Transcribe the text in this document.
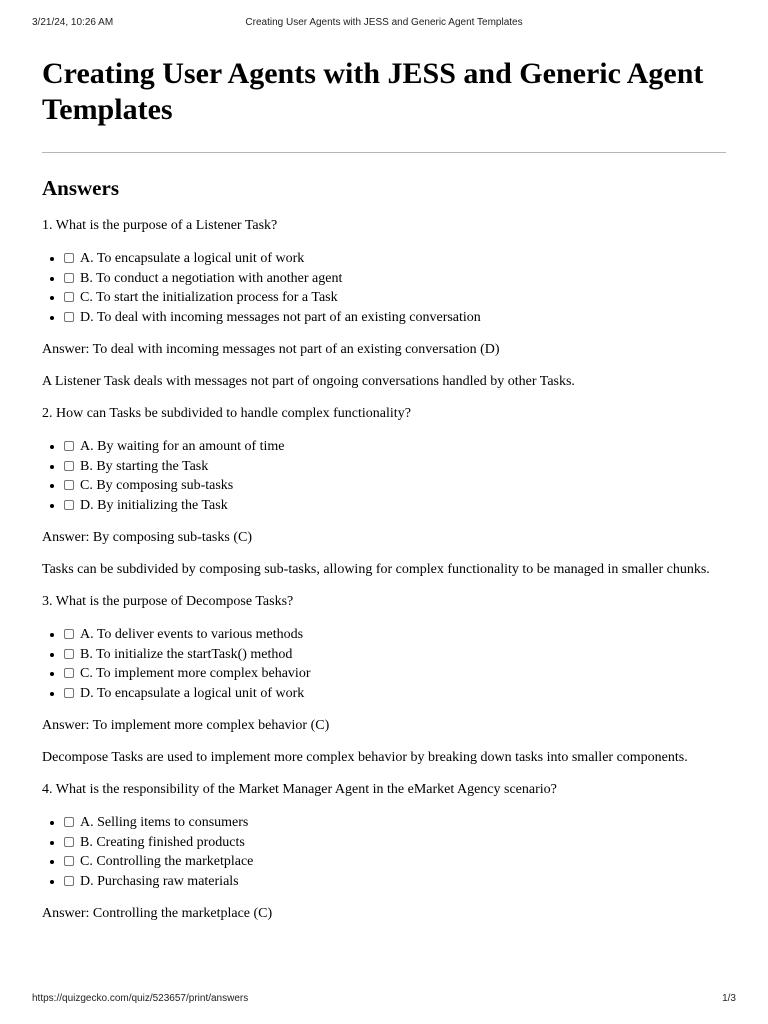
3/21/24, 10:26 AM	Creating User Agents with JESS and Generic Agent Templates
Creating User Agents with JESS and Generic Agent Templates
Answers

1. What is the purpose of a Listener Task?

• A. To encapsulate a logical unit of work
• B. To conduct a negotiation with another agent
• C. To start the initialization process for a Task
• D. To deal with incoming messages not part of an existing conversation

Answer: To deal with incoming messages not part of an existing conversation (D)

A Listener Task deals with messages not part of ongoing conversations handled by other Tasks.

2. How can Tasks be subdivided to handle complex functionality?

• A. By waiting for an amount of time
• B. By starting the Task
• C. By composing sub-tasks
• D. By initializing the Task

Answer: By composing sub-tasks (C)

Tasks can be subdivided by composing sub-tasks, allowing for complex functionality to be managed in smaller chunks.

3. What is the purpose of Decompose Tasks?

• A. To deliver events to various methods
• B. To initialize the startTask() method
• C. To implement more complex behavior
• D. To encapsulate a logical unit of work

Answer: To implement more complex behavior (C)

Decompose Tasks are used to implement more complex behavior by breaking down tasks into smaller components.

4. What is the responsibility of the Market Manager Agent in the eMarket Agency scenario?

• A. Selling items to consumers
• B. Creating finished products
• C. Controlling the marketplace
• D. Purchasing raw materials

Answer: Controlling the marketplace (C)

https://quizgecko.com/quiz/523657/print/answers	1/3
